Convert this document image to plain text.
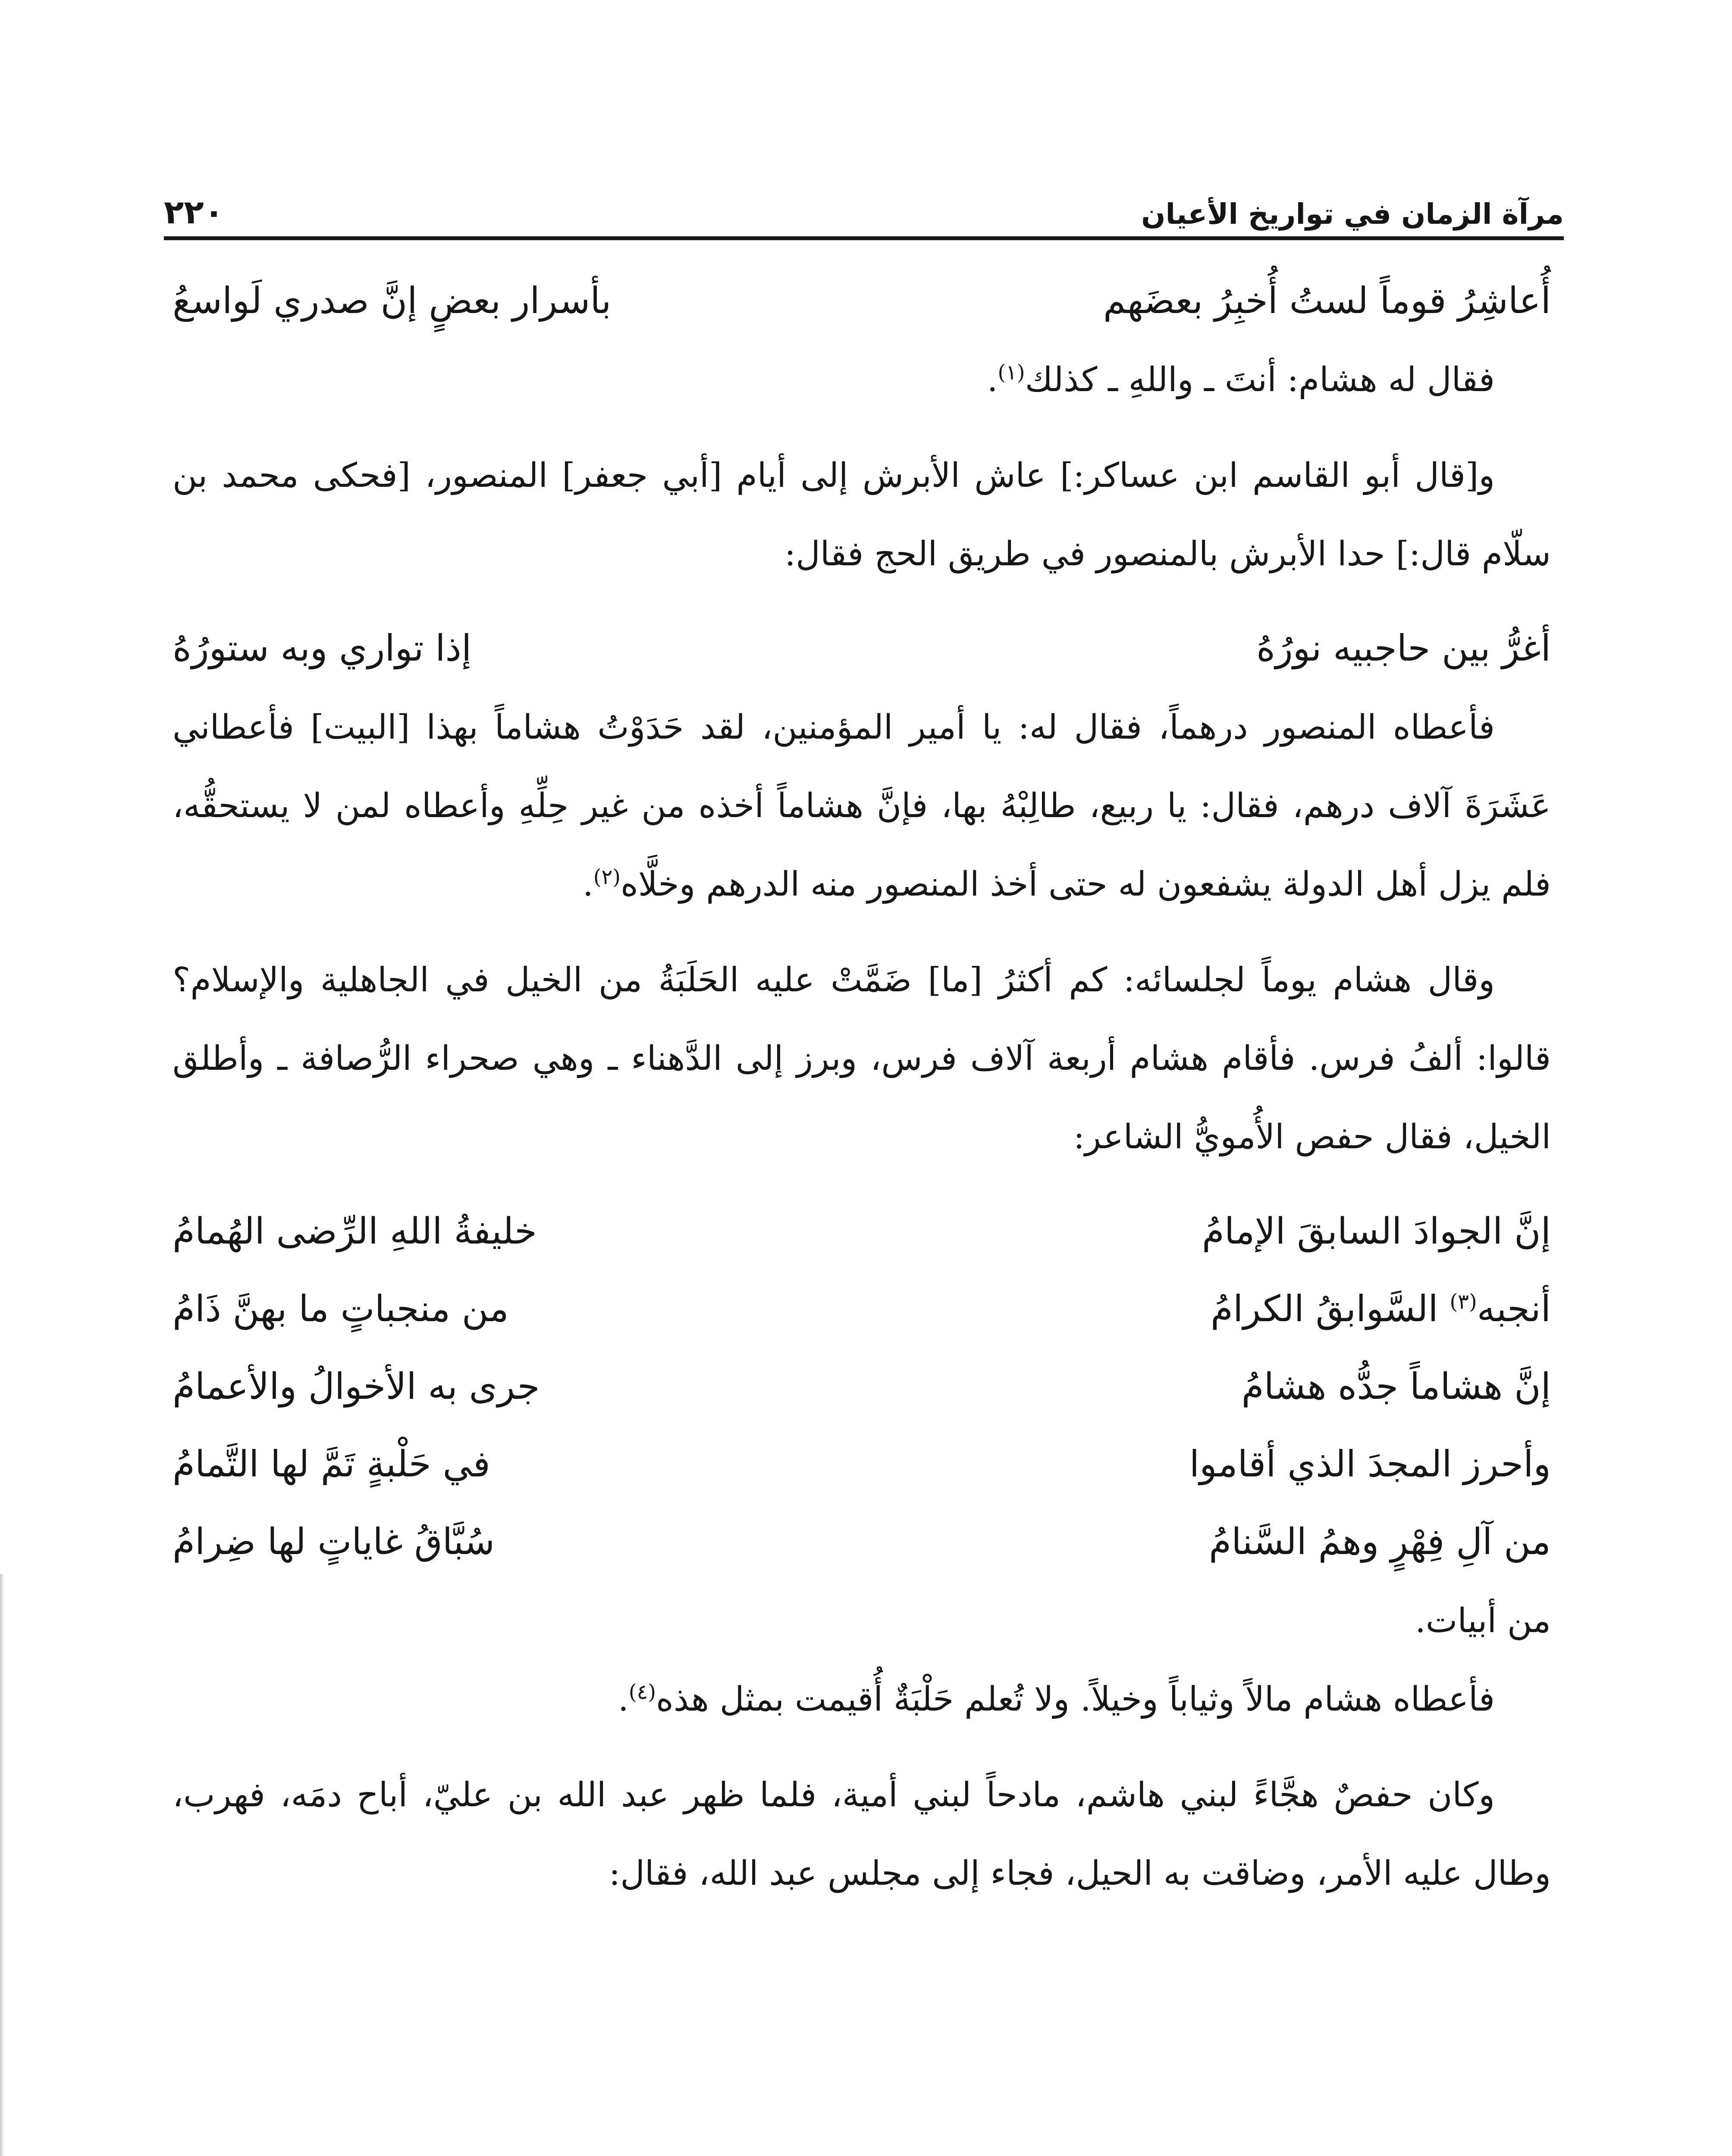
٢٢٠	مرآة الزمان في تواريخ الأعيان
أُعاشِرُ قوماً لستُ أُخبِرُ بعضَهم
بأسرار بعضٍ إنَّ صدري لَواسعُ

فقال له هشام: أنتَ ـ واللهِ ـ كذلك$^{(١)}$.

و[قال أبو القاسم ابن عساكر:] عاش الأبرش إلى أيام [أبي جعفر] المنصور، [فحكى محمد بن سلّام قال:] حدا الأبرش بالمنصور في طريق الحج فقال:

أغرُّ بين حاجبيه نورُهُ
إذا تواري وبه ستورُهُ

فأعطاه المنصور درهماً، فقال له: يا أمير المؤمنين، لقد حَدَوْتُ هشاماً بهذا [البيت] فأعطاني عَشَرَةَ آلاف درهم، فقال: يا ربيع، طالِبْهُ بها، فإنَّ هشاماً أخذه من غير حِلِّهِ وأعطاه لمن لا يستحقُّه، فلم يزل أهل الدولة يشفعون له حتى أخذ المنصور منه الدرهم وخلَّاه$^{(٢)}$.

وقال هشام يوماً لجلسائه: كم أكثرُ [ما] ضَمَّتْ عليه الحَلَبَةُ من الخيل في الجاهلية والإسلام؟ قالوا: ألفُ فرس. فأقام هشام أربعة آلاف فرس، وبرز إلى الدَّهناء ـ وهي صحراء الرُّصافة ـ وأطلق الخيل، فقال حفص الأُمويُّ الشاعر:

إنَّ الجوادَ السابقَ الإمامُ
خليفةُ اللهِ الرِّضى الهُمامُ
أنجبه$^{(٣)}$ السَّوابقُ الكرامُ
من منجباتٍ ما بهنَّ ذَامُ
إنَّ هشاماً جدُّه هشامُ
جرى به الأخوالُ والأعمامُ
وأحرز المجدَ الذي أقاموا
في حَلْبةٍ تَمَّ لها التَّمامُ
من آلِ فِهْرٍ وهمُ السَّنامُ
سُبَّاقُ غاياتٍ لها ضِرامُ

من أبيات.

فأعطاه هشام مالاً وثياباً وخيلاً. ولا تُعلم حَلْبَةٌ أُقيمت بمثل هذه$^{(٤)}$.

وكان حفصٌ هجَّاءً لبني هاشم، مادحاً لبني أمية، فلما ظهر عبد الله بن عليّ، أباح دمَه، فهرب، وطال عليه الأمر، وضاقت به الحيل، فجاء إلى مجلس عبد الله، فقال:
